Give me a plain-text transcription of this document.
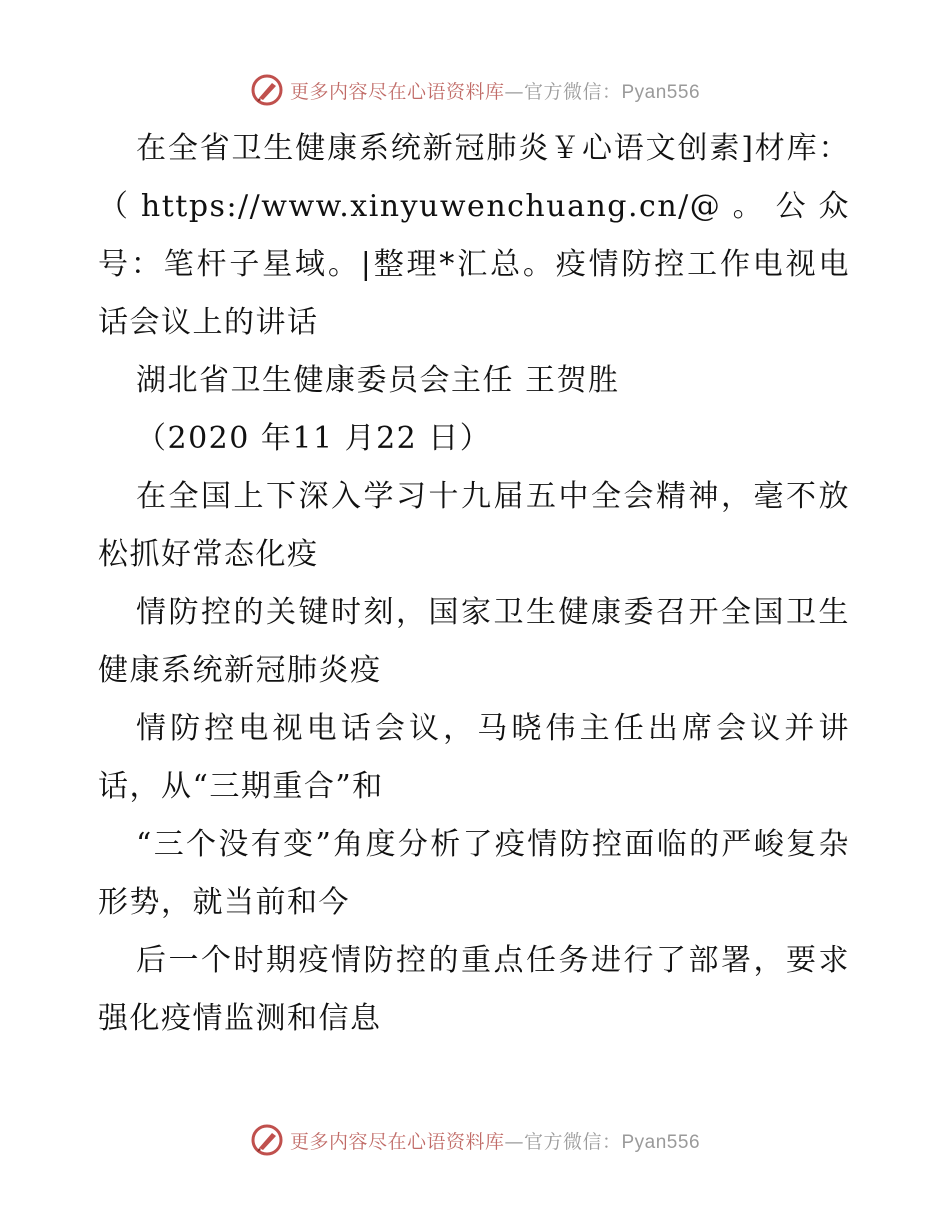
更多内容尽在心语资料库—官方微信：Pyan556

在全省卫生健康系统新冠肺炎￥心语文创素]材库：（https://www.xinyuwenchuang.cn/@。公众号：笔杆子星域。|整理*汇总。疫情防控工作电视电话会议上的讲话

湖北省卫生健康委员会主任 王贺胜

（2020 年11 月22 日）

在全国上下深入学习十九届五中全会精神，毫不放松抓好常态化疫

情防控的关键时刻，国家卫生健康委召开全国卫生健康系统新冠肺炎疫

情防控电视电话会议，马晓伟主任出席会议并讲话，从“三期重合”和

“三个没有变”角度分析了疫情防控面临的严峻复杂形势，就当前和今

后一个时期疫情防控的重点任务进行了部署，要求强化疫情监测和信息

更多内容尽在心语资料库—官方微信：Pyan556
